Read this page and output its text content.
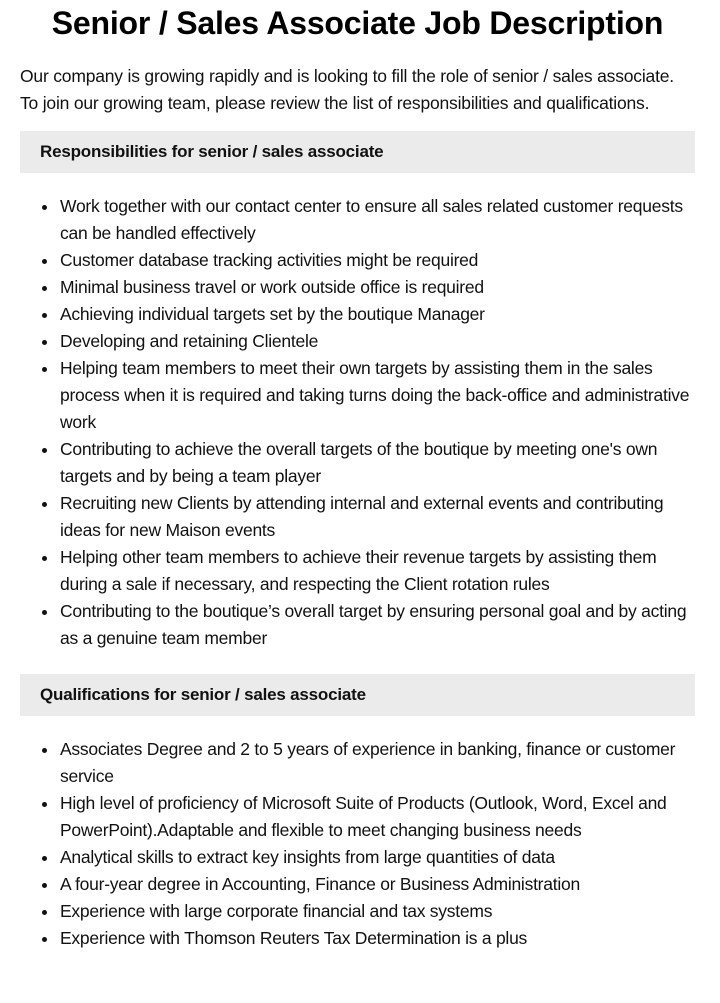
Senior / Sales Associate Job Description

Our company is growing rapidly and is looking to fill the role of senior / sales associate. To join our growing team, please review the list of responsibilities and qualifications.

Responsibilities for senior / sales associate
Work together with our contact center to ensure all sales related customer requests can be handled effectively
Customer database tracking activities might be required
Minimal business travel or work outside office is required
Achieving individual targets set by the boutique Manager
Developing and retaining Clientele
Helping team members to meet their own targets by assisting them in the sales process when it is required and taking turns doing the back-office and administrative work
Contributing to achieve the overall targets of the boutique by meeting one's own targets and by being a team player
Recruiting new Clients by attending internal and external events and contributing ideas for new Maison events
Helping other team members to achieve their revenue targets by assisting them during a sale if necessary, and respecting the Client rotation rules
Contributing to the boutique’s overall target by ensuring personal goal and by acting as a genuine team member
Qualifications for senior / sales associate
Associates Degree and 2 to 5 years of experience in banking, finance or customer service
High level of proficiency of Microsoft Suite of Products (Outlook, Word, Excel and PowerPoint).Adaptable and flexible to meet changing business needs
Analytical skills to extract key insights from large quantities of data
A four-year degree in Accounting, Finance or Business Administration
Experience with large corporate financial and tax systems
Experience with Thomson Reuters Tax Determination is a plus
